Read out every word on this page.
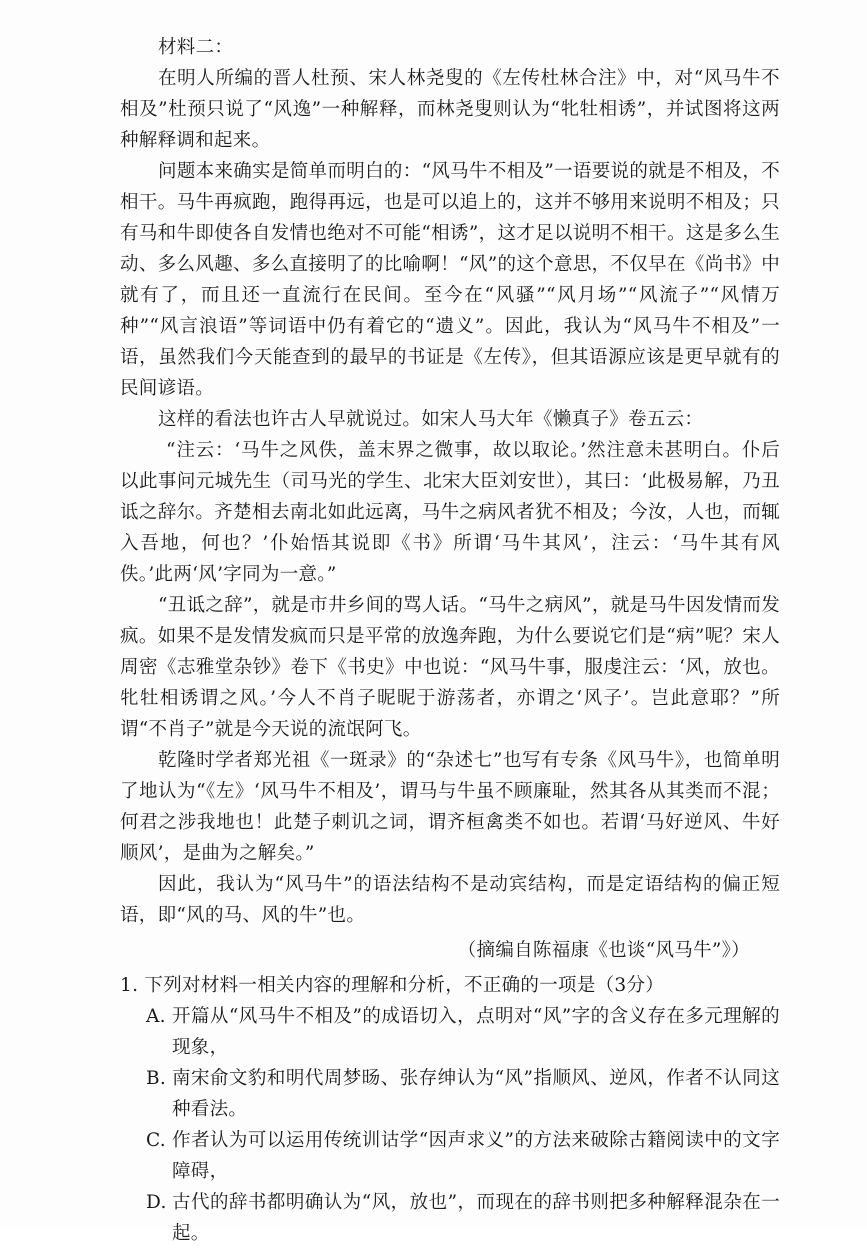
材料二：

在明人所编的晋人杜预、宋人林尧叟的《左传杜林合注》中，对“风马牛不相及”杜预只说了“风逸”一种解释，而林尧叟则认为“牝牡相诱”，并试图将这两种解释调和起来。

问题本来确实是简单而明白的：“风马牛不相及”一语要说的就是不相及，不相干。马牛再疯跑，跑得再远，也是可以追上的，这并不够用来说明不相及；只有马和牛即使各自发情也绝对不可能“相诱”，这才足以说明不相干。这是多么生动、多么风趣、多么直接明了的比喻啊！“风”的这个意思，不仅早在《尚书》中就有了，而且还一直流行在民间。至今在“风骚”“风月场”“风流子”“风情万种”“风言浪语”等词语中仍有着它的“遗义”。因此，我认为“风马牛不相及”一语，虽然我们今天能查到的最早的书证是《左传》，但其语源应该是更早就有的民间谚语。

这样的看法也许古人早就说过。如宋人马大年《懒真子》卷五云：

“注云：‘马牛之风佚，盖末界之微事，故以取论。’然注意未甚明白。仆后以此事问元城先生（司马光的学生、北宋大臣刘安世），其曰：‘此极易解，乃丑诋之辞尔。齐楚相去南北如此远离，马牛之病风者犹不相及；今汝，人也，而辄入吾地，何也？’仆始悟其说即《书》所谓‘马牛其风’，注云：‘马牛其有风佚。’此两‘风’字同为一意。”

“丑诋之辞”，就是市井乡间的骂人话。“马牛之病风”，就是马牛因发情而发疯。如果不是发情发疯而只是平常的放逸奔跑，为什么要说它们是“病”呢？宋人周密《志雅堂杂钞》卷下《书史》中也说：“风马牛事，服虔注云：‘风，放也。牝牡相诱谓之风。’今人不肖子昵昵于游荡者，亦谓之‘风子’。岂此意耶？”所谓“不肖子”就是今天说的流氓阿飞。

乾隆时学者郑光祖《一斑录》的“杂述七”也写有专条《风马牛》，也简单明了地认为“《左》‘风马牛不相及’，谓马与牛虽不顾廉耻，然其各从其类而不混；何君之涉我地也！此楚子刺讥之词，谓齐桓禽类不如也。若谓‘马好逆风、牛好顺风’，是曲为之解矣。”

因此，我认为“风马牛”的语法结构不是动宾结构，而是定语结构的偏正短语，即“风的马、风的牛”也。

（摘编自陈福康《也谈“风马牛”》）

1. 下列对材料一相关内容的理解和分析，不正确的一项是（3分）

A. 开篇从“风马牛不相及”的成语切入，点明对“风”字的含义存在多元理解的现象，
B. 南宋俞文豹和明代周梦旸、张存绅认为“风”指顺风、逆风，作者不认同这种看法。
C. 作者认为可以运用传统训诂学“因声求义”的方法来破除古籍阅读中的文字障碍，
D. 古代的辞书都明确认为“风，放也”，而现在的辞书则把多种解释混杂在一起。
